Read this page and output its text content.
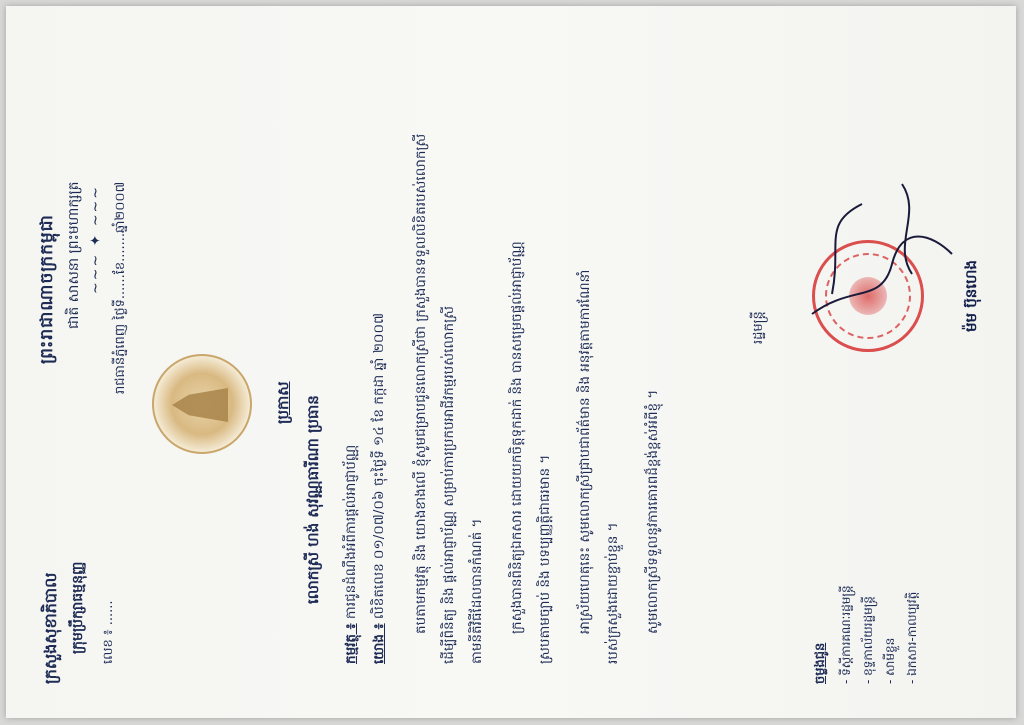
ព្រះរាជាណាចក្រកម្ពុជា ជាតិ សាសនា ព្រះមហាក្សត្រ ~~~ ✦ ~~~
ក្រសួងសុខាភិបាល ក្រុមប្រឹក្សាធម្មនុញ្ញ លេខ ៖ ......
រាជធានីភ្នំពេញ ថ្ងៃទី......ខែ.......ឆ្នាំ២០០៧
ប្រកាស លោកស្រី ហង់ សុវណ្ណធារីណា ប្រធាន
កម្មវត្ថុ ៖ ការជូនដំណឹងអំពីការផ្តល់អាជ្ញាប័ណ្ណ
យោង ៖ លិខិតលេខ ០១/០៧/០៦ ចុះថ្ងៃទី ១៤ ខែ កក្កដា ឆ្នាំ ២០០៧ តបតាមកម្មវត្ថុ និង យោងខាងលើ ខ្ញុំសូមជម្រាបជូនលោកស្រីថា ក្រសួងបានទទួលលិខិតរបស់លោកស្រី ដើម្បីពិនិត្យ និង ផ្តល់អាជ្ញាប័ណ្ណ សម្រាប់ការប្រកបអាជីវកម្មរបស់លោកស្រី តាមនីតិវិធីដែលបានកំណត់ ។ ក្រសួងបានពិនិត្យឯកសារ ដោយយកចិត្តទុកដាក់ និង បានសម្រេចផ្តល់អាជ្ញាប័ណ្ណ ស្របតាមច្បាប់ និង បទប្បញ្ញត្តិជាធរមាន ។ អាស្រ័យហេតុនេះ សូមលោកស្រីជ្រាបជាព័ត៌មាន និង អនុវត្តតាមការណែនាំ របស់ក្រសួងដោយខ្ជាប់ខ្ជួន ។ សូមលោកស្រីទទួលនូវការគោរពដ៏ខ្ពង់ខ្ពស់អំពីខ្ញុំ ។
រដ្ឋមន្ត្រី	ម៉ម ប៊ុនហេង
ចម្លងជូន - ទីស្តីការគណៈរដ្ឋមន្ត្រី - ខុទ្ទកាល័យរដ្ឋមន្ត្រី - សាមីខ្លួន - ឯកសារ-កាលប្បវត្តិ
